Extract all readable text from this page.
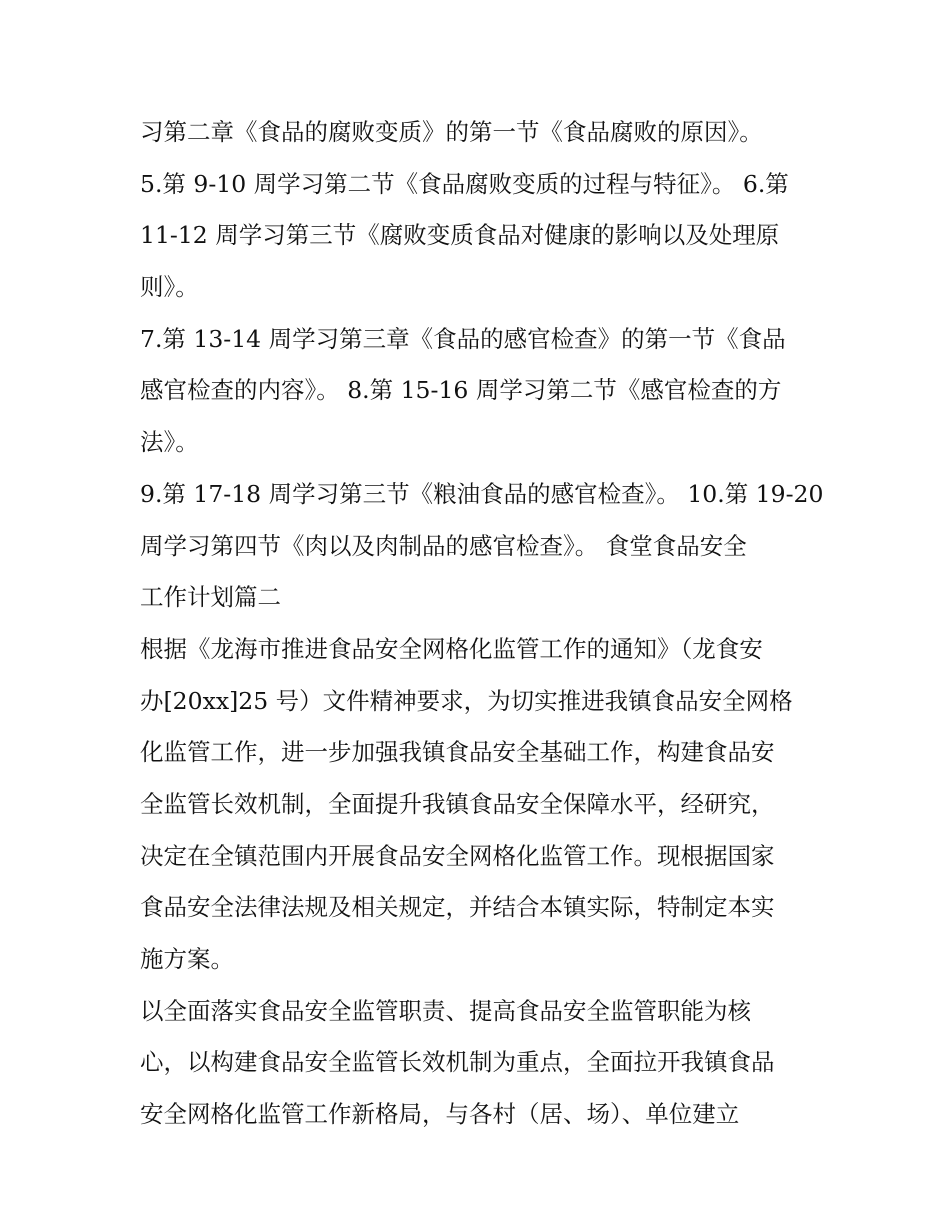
习第二章《食品的腐败变质》的第一节《食品腐败的原因》。
5.第 9-10 周学习第二节《食品腐败变质的过程与特征》。 6.第
11-12 周学习第三节《腐败变质食品对健康的影响以及处理原
则》。
7.第 13-14 周学习第三章《食品的感官检查》的第一节《食品
感官检查的内容》。 8.第 15-16 周学习第二节《感官检查的方
法》。
9.第 17-18 周学习第三节《粮油食品的感官检查》。 10.第 19-20
周学习第四节《肉以及肉制品的感官检查》。 食堂食品安全
工作计划篇二
根据《龙海市推进食品安全网格化监管工作的通知》（龙食安
办[20xx]25 号）文件精神要求，为切实推进我镇食品安全网格
化监管工作，进一步加强我镇食品安全基础工作，构建食品安
全监管长效机制，全面提升我镇食品安全保障水平，经研究，
决定在全镇范围内开展食品安全网格化监管工作。现根据国家
食品安全法律法规及相关规定，并结合本镇实际，特制定本实
施方案。
以全面落实食品安全监管职责、提高食品安全监管职能为核
心，以构建食品安全监管长效机制为重点，全面拉开我镇食品
安全网格化监管工作新格局，与各村（居、场）、单位建立
